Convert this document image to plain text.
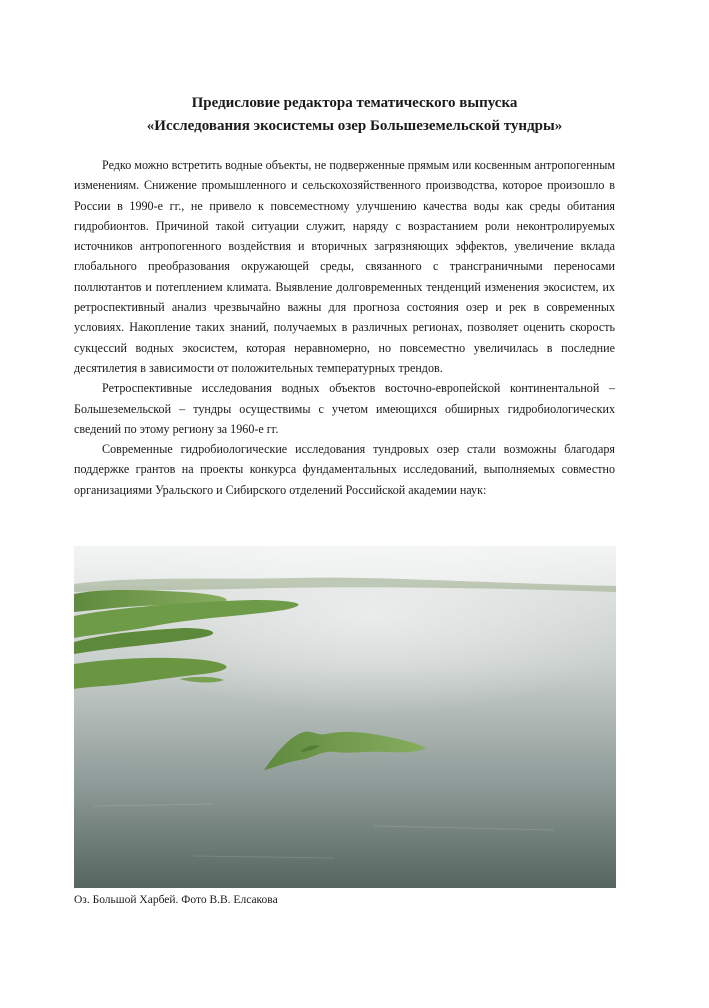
Предисловие редактора тематического выпуска
«Исследования экосистемы озер Большеземельской тундры»

Редко можно встретить водные объекты, не подверженные прямым или косвенным антропогенным изменениям. Снижение промышленного и сельскохозяйственного производства, которое произошло в России в 1990-е гг., не привело к повсеместному улучшению качества воды как среды обитания гидробионтов. Причиной такой ситуации служит, наряду с возрастанием роли неконтролируемых источников антропогенного воздействия и вторичных загрязняющих эффектов, увеличение вклада глобального преобразования окружающей среды, связанного с трансграничными переносами поллютантов и потеплением климата. Выявление долговременных тенденций изменения экосистем, их ретроспективный анализ чрезвычайно важны для прогноза состояния озер и рек в современных условиях. Накопление таких знаний, получаемых в различных регионах, позволяет оценить скорость сукцессий водных экосистем, которая неравномерно, но повсеместно увеличилась в последние десятилетия в зависимости от положительных температурных трендов.

Ретроспективные исследования водных объектов восточно-европейской континентальной – Большеземельской – тундры осуществимы с учетом имеющихся обширных гидробиологических сведений по этому региону за 1960-е гг.

Современные гидробиологические исследования тундровых озер стали возможны благодаря поддержке грантов на проекты конкурса фундаментальных исследований, выполняемых совместно организациями Уральского и Сибирского отделений Российской академии наук:

Оз. Большой Харбей. Фото В.В. Елсакова
